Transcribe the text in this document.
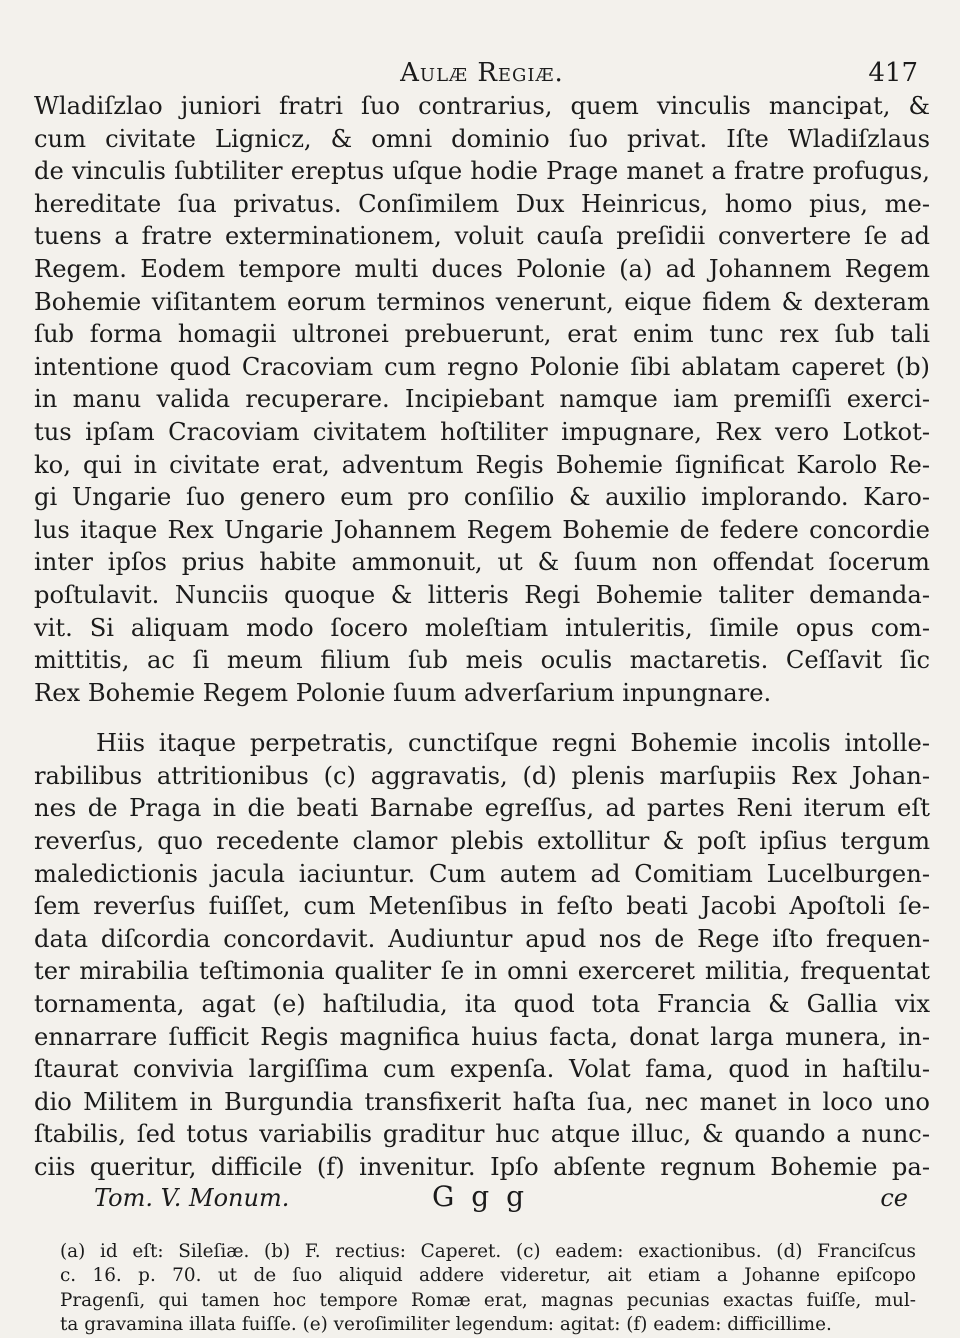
Aulæ Regiæ.	417
Wladiſzlao juniori fratri ſuo contrarius, quem vinculis mancipat, &
cum civitate Lignicz, & omni dominio ſuo privat. Iſte Wladiſzlaus
de vinculis ſubtiliter ereptus uſque hodie Prage manet a fratre profugus,
hereditate ſua privatus. Conſimilem Dux Heinricus, homo pius, me-
tuens a fratre exterminationem, voluit cauſa preſidii convertere ſe ad
Regem. Eodem tempore multi duces Polonie (a) ad Johannem Regem
Bohemie viſitantem eorum terminos venerunt, eique fidem & dexteram
ſub forma homagii ultronei prebuerunt, erat enim tunc rex ſub tali
intentione quod Cracoviam cum regno Polonie ſibi ablatam caperet (b)
in manu valida recuperare. Incipiebant namque iam premiſſi exerci-
tus ipſam Cracoviam civitatem hoſtiliter impugnare, Rex vero Lotkot-
ko, qui in civitate erat, adventum Regis Bohemie ſignificat Karolo Re-
gi Ungarie ſuo genero eum pro conſilio & auxilio implorando. Karo-
lus itaque Rex Ungarie Johannem Regem Bohemie de federe concordie
inter ipſos prius habite ammonuit, ut & ſuum non offendat ſocerum
poſtulavit. Nunciis quoque & litteris Regi Bohemie taliter demanda-
vit. Si aliquam modo ſocero moleſtiam intuleritis, ſimile opus com-
mittitis, ac ſi meum filium ſub meis oculis mactaretis. Ceſſavit ſic
Rex Bohemie Regem Polonie ſuum adverſarium inpungnare.
Hiis itaque perpetratis, cunctiſque regni Bohemie incolis intolle-
rabilibus attritionibus (c) aggravatis, (d) plenis marſupiis Rex Johan-
nes de Praga in die beati Barnabe egreſſus, ad partes Reni iterum eſt
reverſus, quo recedente clamor plebis extollitur & poſt ipſius tergum
maledictionis jacula iaciuntur. Cum autem ad Comitiam Lucelburgen-
ſem reverſus fuiſſet, cum Metenſibus in feſto beati Jacobi Apoſtoli ſe-
data diſcordia concordavit. Audiuntur apud nos de Rege iſto frequen-
ter mirabilia teſtimonia qualiter ſe in omni exerceret militia, frequentat
tornamenta, agat (e) haſtiludia, ita quod tota Francia & Gallia vix
ennarrare ſufficit Regis magnifica huius facta, donat larga munera, in-
ſtaurat convivia largiſſima cum expenſa. Volat fama, quod in haſtilu-
dio Militem in Burgundia transfixerit haſta ſua, nec manet in loco uno
ſtabilis, ſed totus variabilis graditur huc atque illuc, & quando a nunc-
ciis queritur, difficile (f) invenitur. Ipſo abſente regnum Bohemie pa-
Tom. V. Monum.	G g g	ce
(a) id eſt: Sileſiæ. (b) F. rectius: Caperet. (c) eadem: exactionibus. (d) Franciſcus
c. 16. p. 70. ut de ſuo aliquid addere videretur, ait etiam a Johanne epiſcopo
Pragenſi, qui tamen hoc tempore Romæ erat, magnas pecunias exactas fuiſſe, mul-
ta gravamina illata fuiſſe. (e) veroſimiliter legendum: agitat: (f) eadem: difficillime.
